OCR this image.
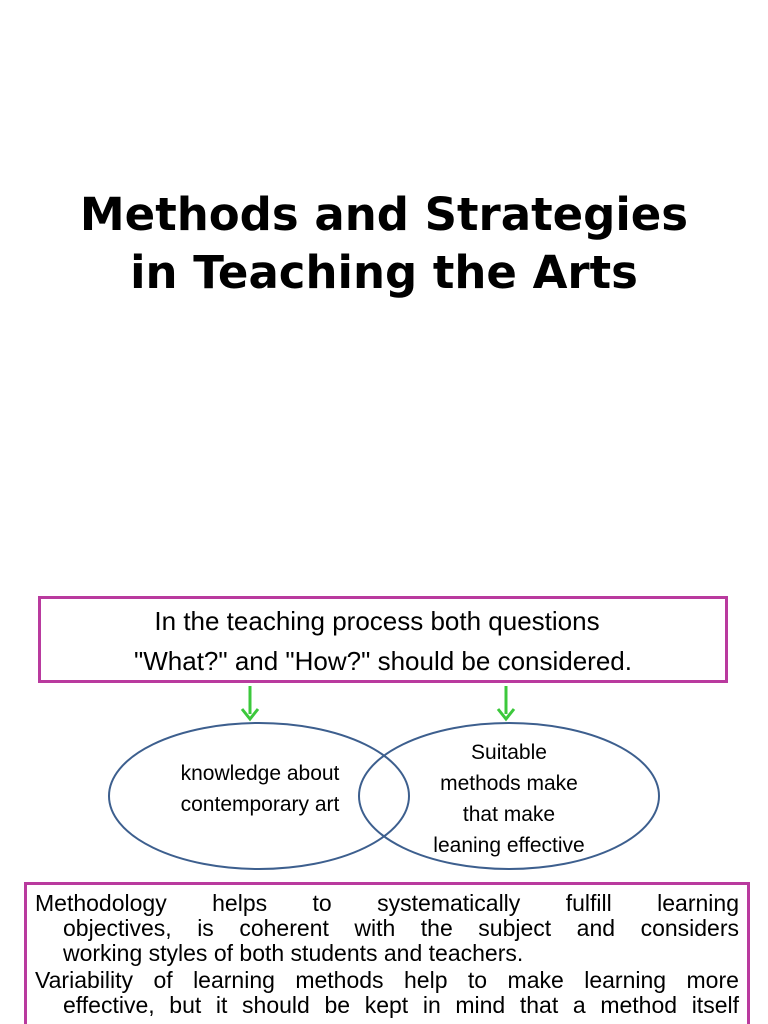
Methods and Strategies
in Teaching the Arts
In the teaching process both questions
"What?" and "How?" should be considered.
knowledge about
contemporary art
Suitable
methods make
that make
leaning effective
Methodology helps to systematically fulfill learning
objectives, is coherent with the subject and considers
working styles of both students and teachers.
Variability of learning methods help to make learning more
effective, but it should be kept in mind that a method itself
